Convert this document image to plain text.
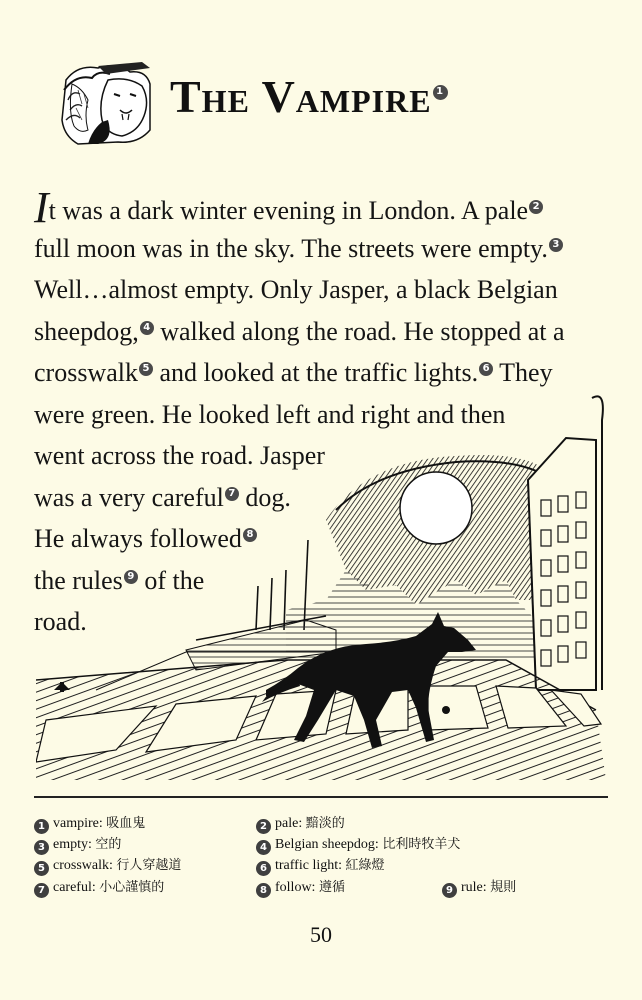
The Vampire 1
It was a dark winter evening in London. A pale 2
full moon was in the sky. The streets were empty. 3
Well…almost empty. Only Jasper, a black Belgian
sheepdog, 4 walked along the road. He stopped at a
crosswalk 5 and looked at the traffic lights. 6 They
were green. He looked left and right and then
went across the road. Jasper
was a very careful 7 dog.
He always followed 8
the rules 9 of the
road.
1 vampire: 吸血鬼	2 pale: 黯淡的
3 empty: 空的	4 Belgian sheepdog: 比利時牧羊犬
5 crosswalk: 行人穿越道	6 traffic light: 紅綠燈
7 careful: 小心謹慎的	8 follow: 遵循	9 rule: 規則
50
